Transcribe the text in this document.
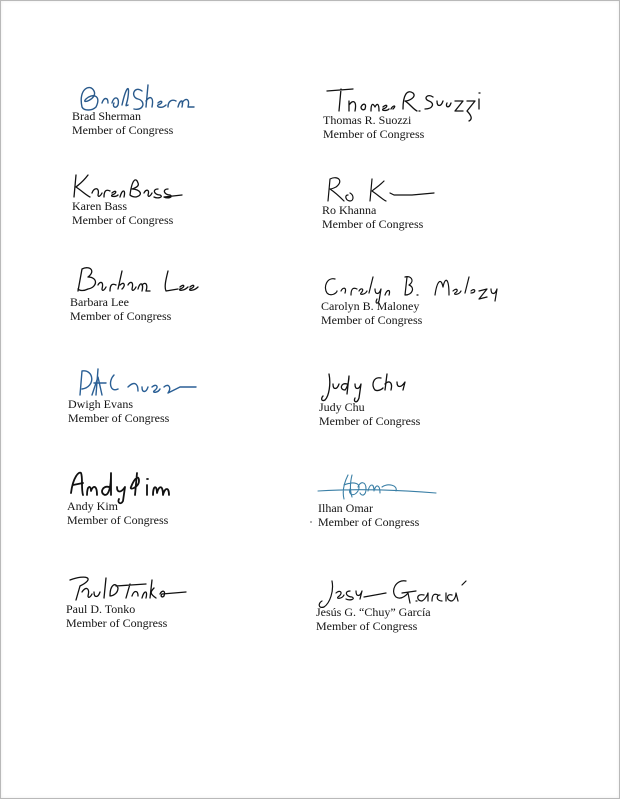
Brad Sherman

Member of Congress

Thomas R. Suozzi

Member of Congress

Karen Bass

Member of Congress

Ro Khanna

Member of Congress

Barbara Lee

Member of Congress

Carolyn B. Maloney

Member of Congress

Dwigh Evans

Member of Congress

Judy Chu

Member of Congress

Andy Kim

Member of Congress

Ilhan Omar

Member of Congress

Paul D. Tonko

Member of Congress

Jesús G. “Chuy” García

Member of Congress
